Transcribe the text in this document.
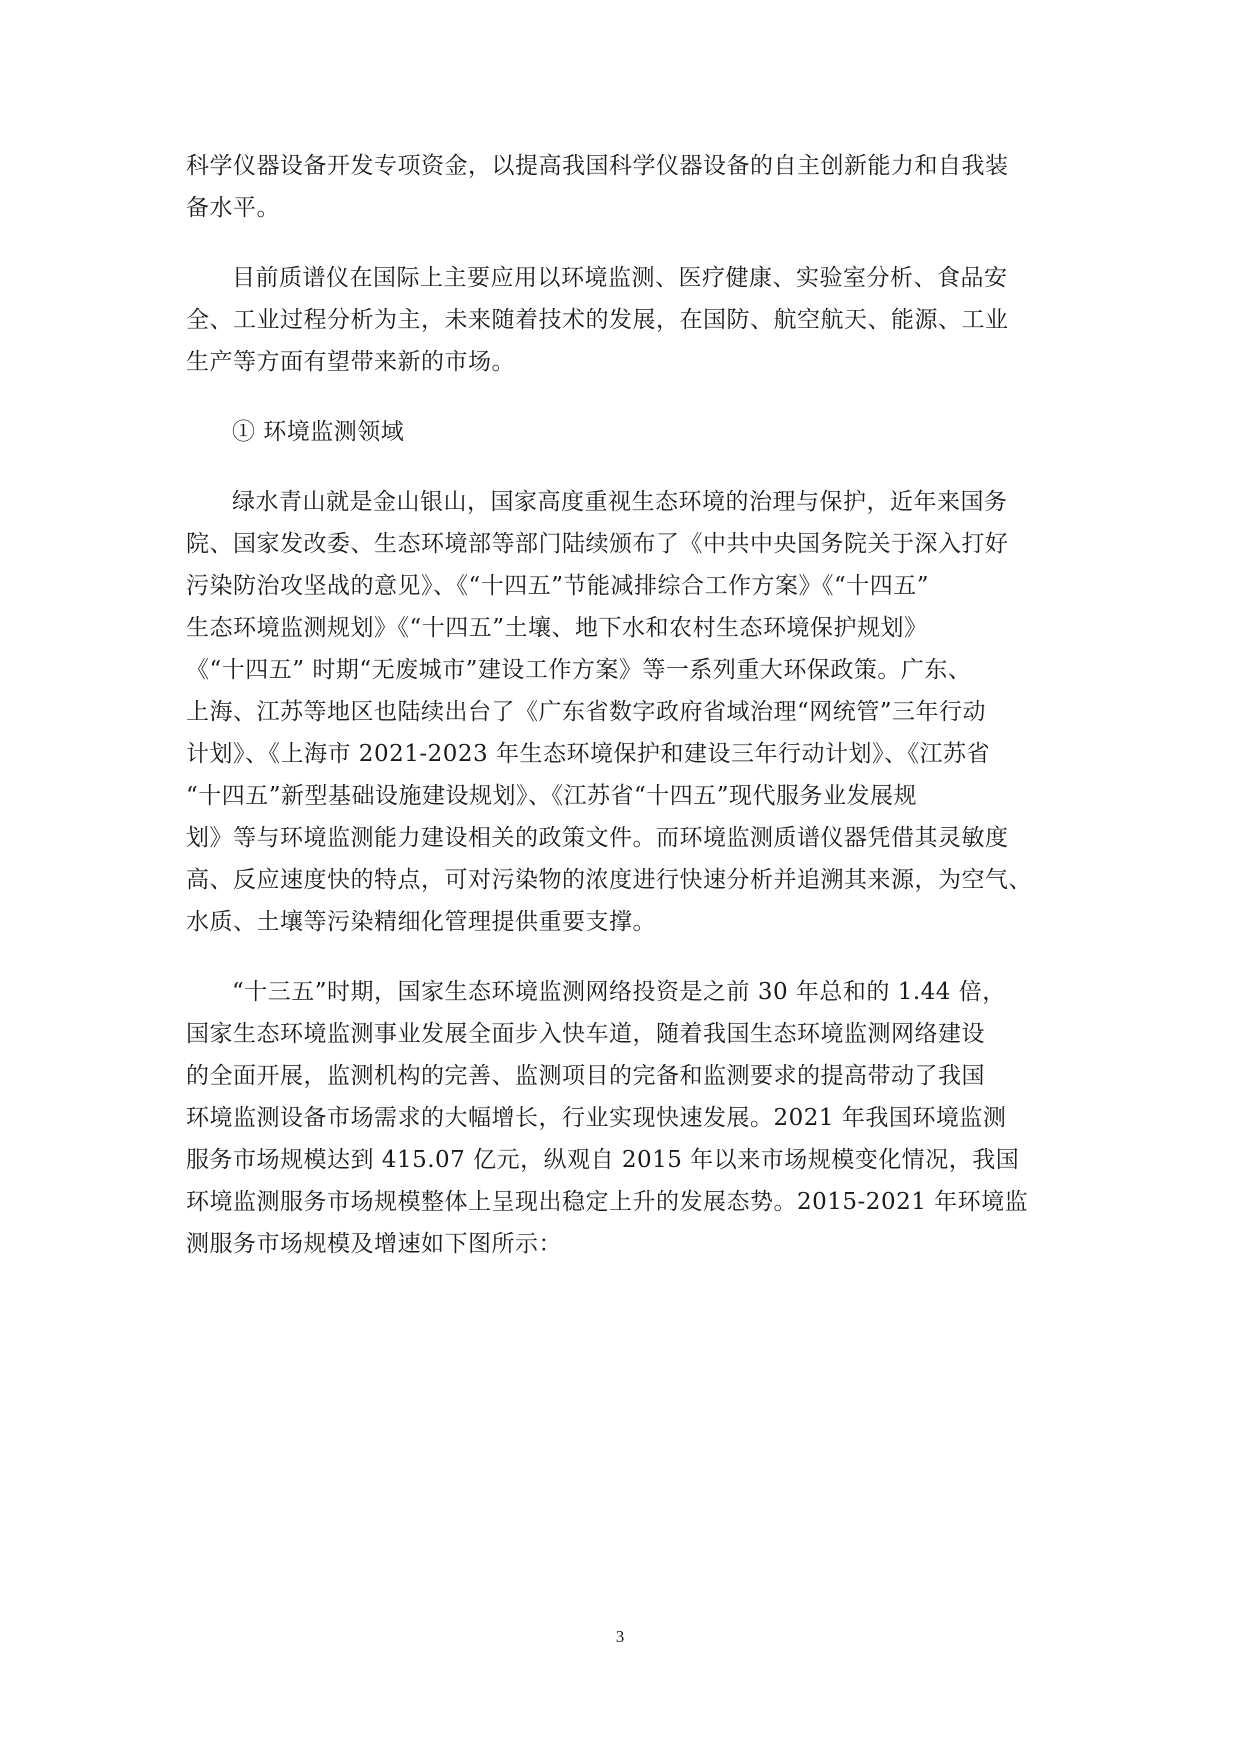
科学仪器设备开发专项资金，以提高我国科学仪器设备的自主创新能力和自我装
备水平。

目前质谱仪在国际上主要应用以环境监测、医疗健康、实验室分析、食品安
全、工业过程分析为主，未来随着技术的发展，在国防、航空航天、能源、工业
生产等方面有望带来新的市场。

① 环境监测领域

绿水青山就是金山银山，国家高度重视生态环境的治理与保护，近年来国务
院、国家发改委、生态环境部等部门陆续颁布了《中共中央国务院关于深入打好
污染防治攻坚战的意见》、《“十四五”节能减排综合工作方案》《“十四五”
生态环境监测规划》《“十四五”土壤、地下水和农村生态环境保护规划》
《“十四五” 时期“无废城市”建设工作方案》等一系列重大环保政策。广东、
上海、江苏等地区也陆续出台了《广东省数字政府省域治理“网统管”三年行动
计划》、《上海市 2021-2023 年生态环境保护和建设三年行动计划》、《江苏省
“十四五”新型基础设施建设规划》、《江苏省“十四五”现代服务业发展规
划》等与环境监测能力建设相关的政策文件。而环境监测质谱仪器凭借其灵敏度
高、反应速度快的特点，可对污染物的浓度进行快速分析并追溯其来源，为空气、
水质、土壤等污染精细化管理提供重要支撑。

“十三五”时期，国家生态环境监测网络投资是之前 30 年总和的 1.44 倍，
国家生态环境监测事业发展全面步入快车道，随着我国生态环境监测网络建设
的全面开展，监测机构的完善、监测项目的完备和监测要求的提高带动了我国
环境监测设备市场需求的大幅增长，行业实现快速发展。2021 年我国环境监测
服务市场规模达到 415.07 亿元，纵观自 2015 年以来市场规模变化情况，我国
环境监测服务市场规模整体上呈现出稳定上升的发展态势。2015-2021 年环境监
测服务市场规模及增速如下图所示：

3
